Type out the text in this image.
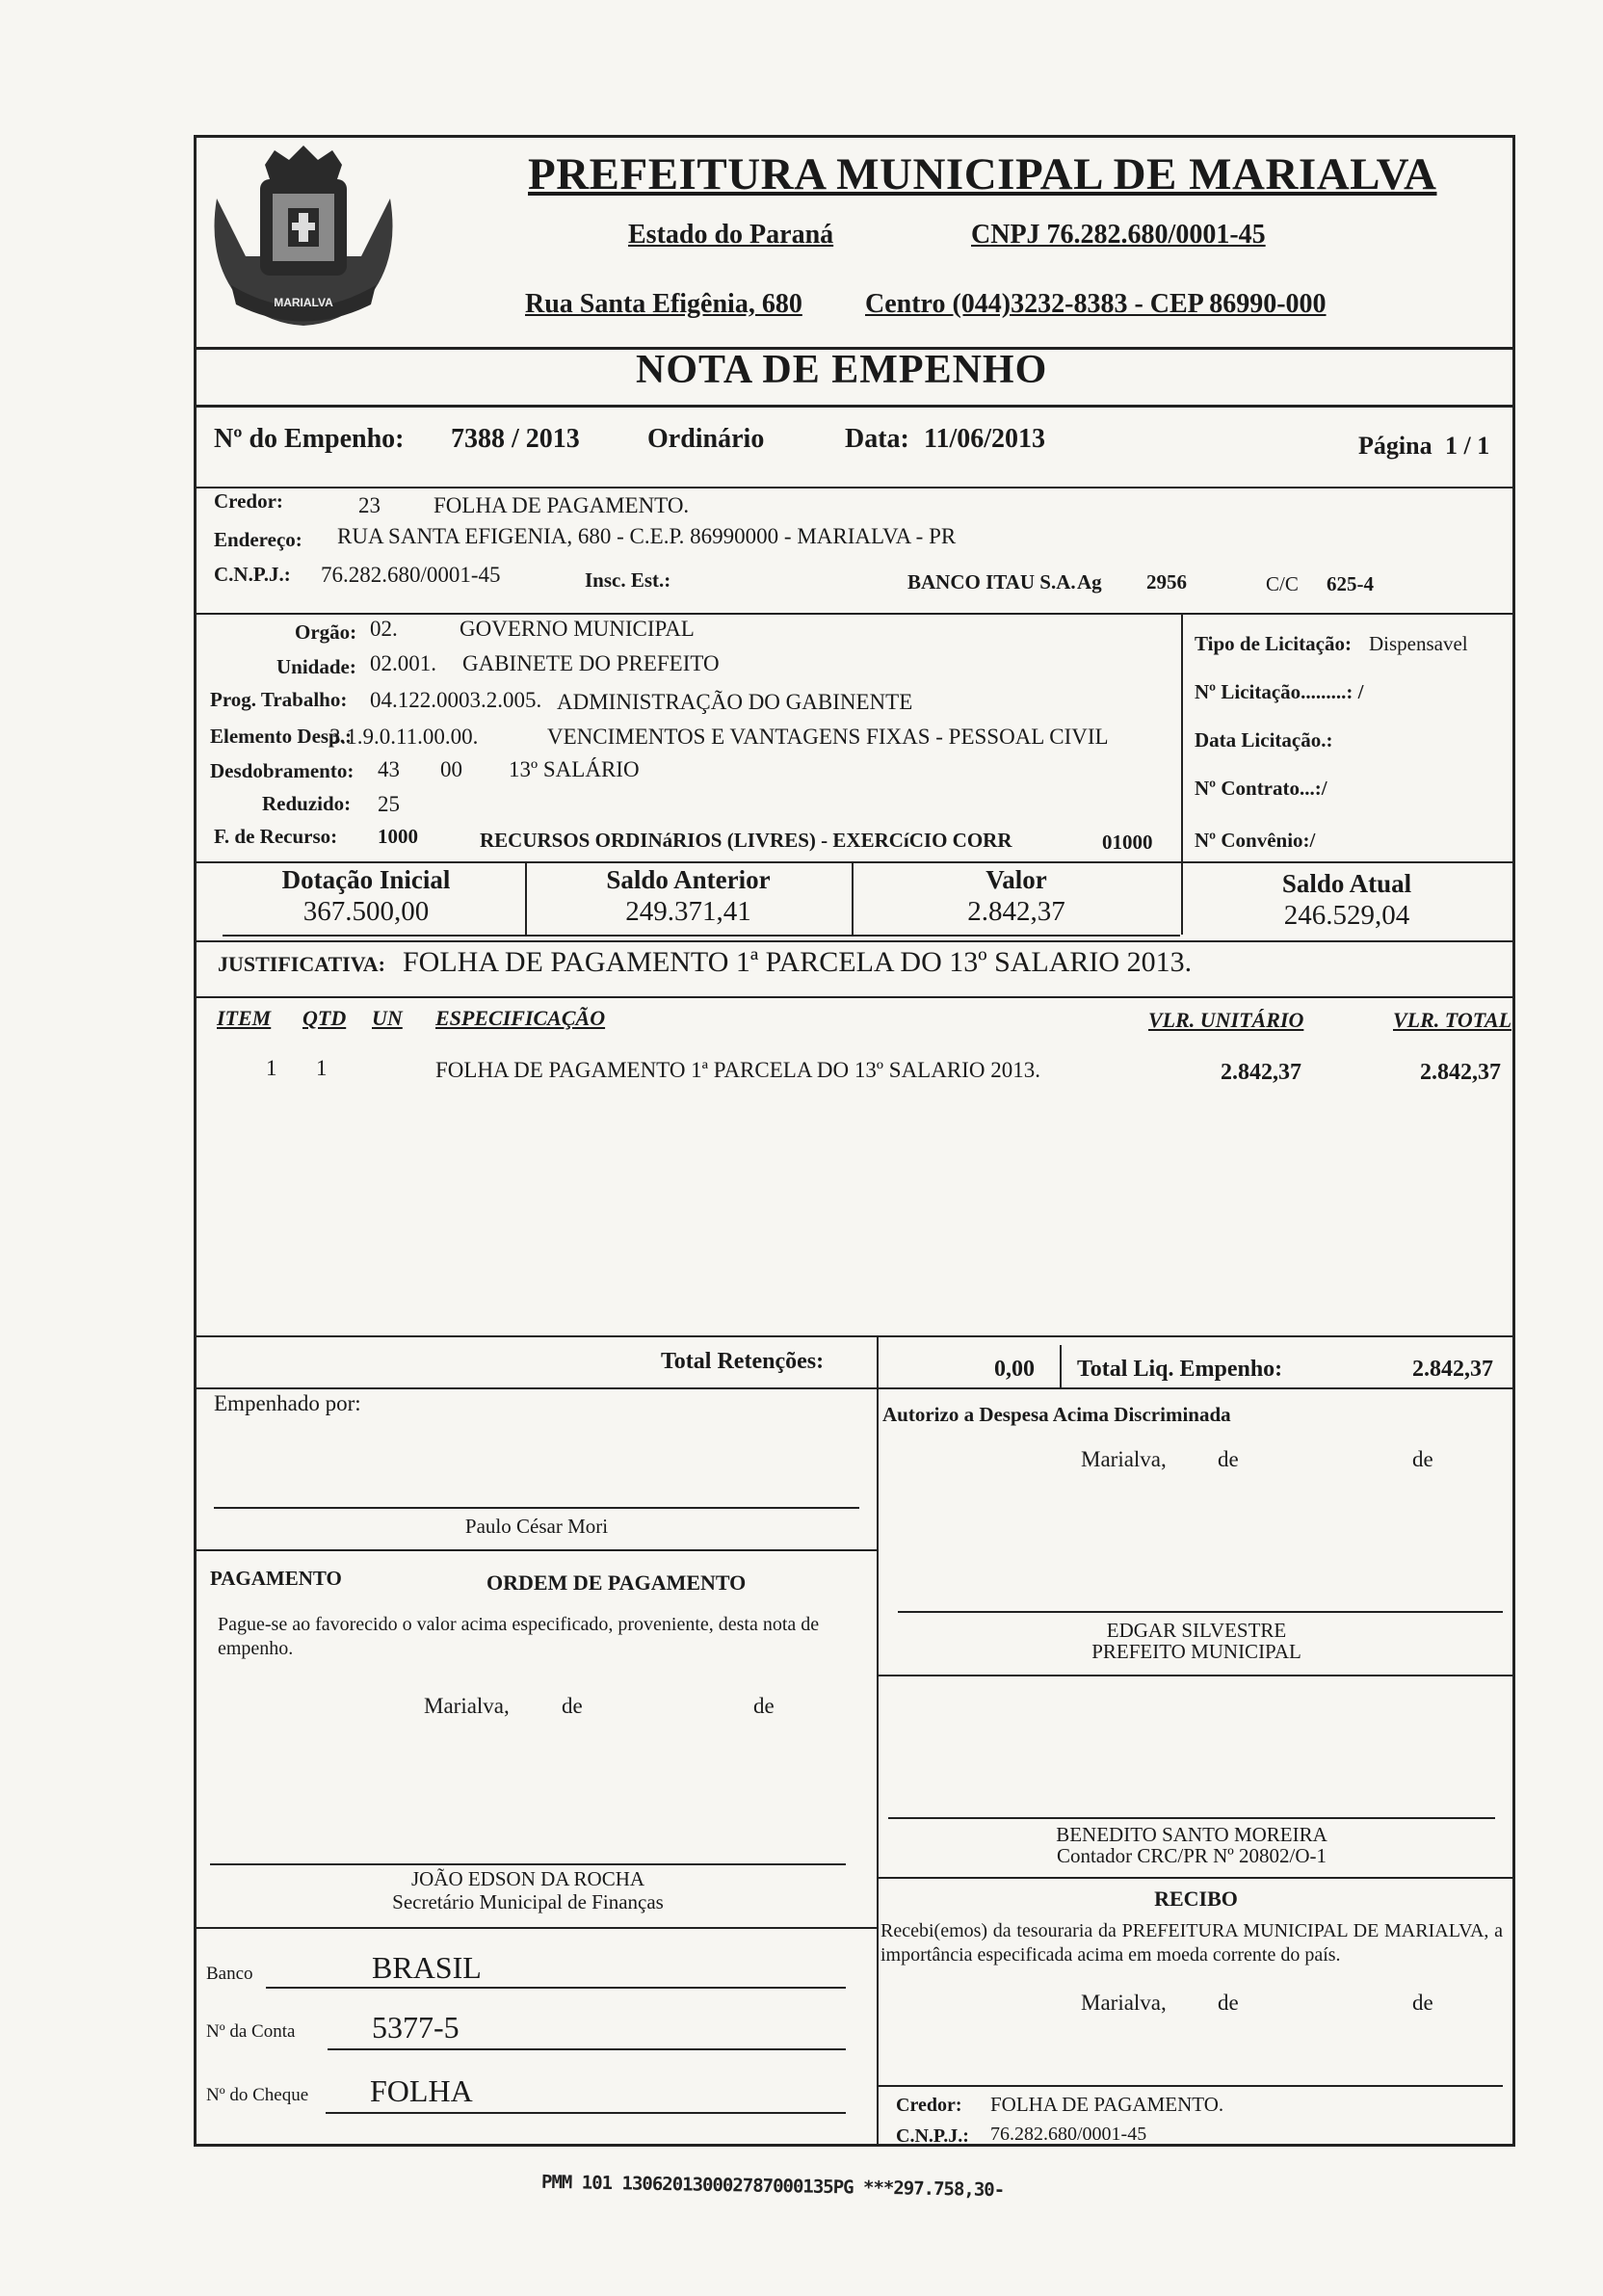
MARIALVA
PREFEITURA MUNICIPAL DE MARIALVA
Estado do Paraná	CNPJ 76.282.680/0001-45
Rua Santa Efigênia, 680 Centro (044)3232-8383 - CEP 86990-000
NOTA DE EMPENHO
Nº do Empenho: 7388 / 2013	Ordinário	Data: 11/06/2013	Página 1 / 1
Credor:	23 FOLHA DE PAGAMENTO.
Endereço: RUA SANTA EFIGENIA, 680 - C.E.P. 86990000 - MARIALVA - PR
C.N.P.J.: 76.282.680/0001-45	Insc. Est.:	BANCO ITAU S.A. Ag 2956	C/C 625-4
Orgão: 02.	GOVERNO MUNICIPAL
Unidade: 02.001. GABINETE DO PREFEITO
Prog. Trabalho: 04.122.0003.2.005. ADMINISTRAÇÃO DO GABINENTE
Elemento Desp.:
3.1.9.0.11.00.00.	VENCIMENTOS E VANTAGENS FIXAS - PESSOAL CIVIL
Desdobramento: 43 00 13º SALÁRIO
Reduzido: 25
F. de Recurso: 1000	RECURSOS ORDINáRIOS (LIVRES) - EXERCíCIO CORR	01000
Tipo de Licitação: Dispensavel
Nº Licitação.........: /
Data Licitação.:
Nº Contrato...:/
Nº Convênio:/
Dotação Inicial
367.500,00
Saldo Anterior
249.371,41
Valor
2.842,37
Saldo Atual
246.529,04
JUSTIFICATIVA: FOLHA DE PAGAMENTO 1ª PARCELA DO 13º SALARIO 2013.
ITEM QTD UN ESPECIFICAÇÃO	VLR. UNITÁRIO	VLR. TOTAL
1 1	FOLHA DE PAGAMENTO 1ª PARCELA DO 13º SALARIO 2013.	2.842,37	2.842,37
Total Retenções:	0,00 Total Liq. Empenho:	2.842,37
Empenhado por:
Paulo César Mori
PAGAMENTO	ORDEM DE PAGAMENTO
Pague-se ao favorecido o valor acima especificado, proveniente, desta nota de empenho.
Marialva, de	de
JOÃO EDSON DA ROCHA
Secretário Municipal de Finanças
Banco	BRASIL
Nº da Conta 5377-5
Nº do Cheque FOLHA
Autorizo a Despesa Acima Discriminada
Marialva, de	de
EDGAR SILVESTRE
PREFEITO MUNICIPAL
BENEDITO SANTO MOREIRA
Contador CRC/PR Nº 20802/O-1
RECIBO
Recebi(emos) da tesouraria da PREFEITURA MUNICIPAL DE MARIALVA, a importância especificada acima em moeda corrente do país.
Marialva, de	de
Credor: FOLHA DE PAGAMENTO.
C.N.P.J.: 76.282.680/0001-45
PMM 101 130620130002787000135PG ***297.758,30-
